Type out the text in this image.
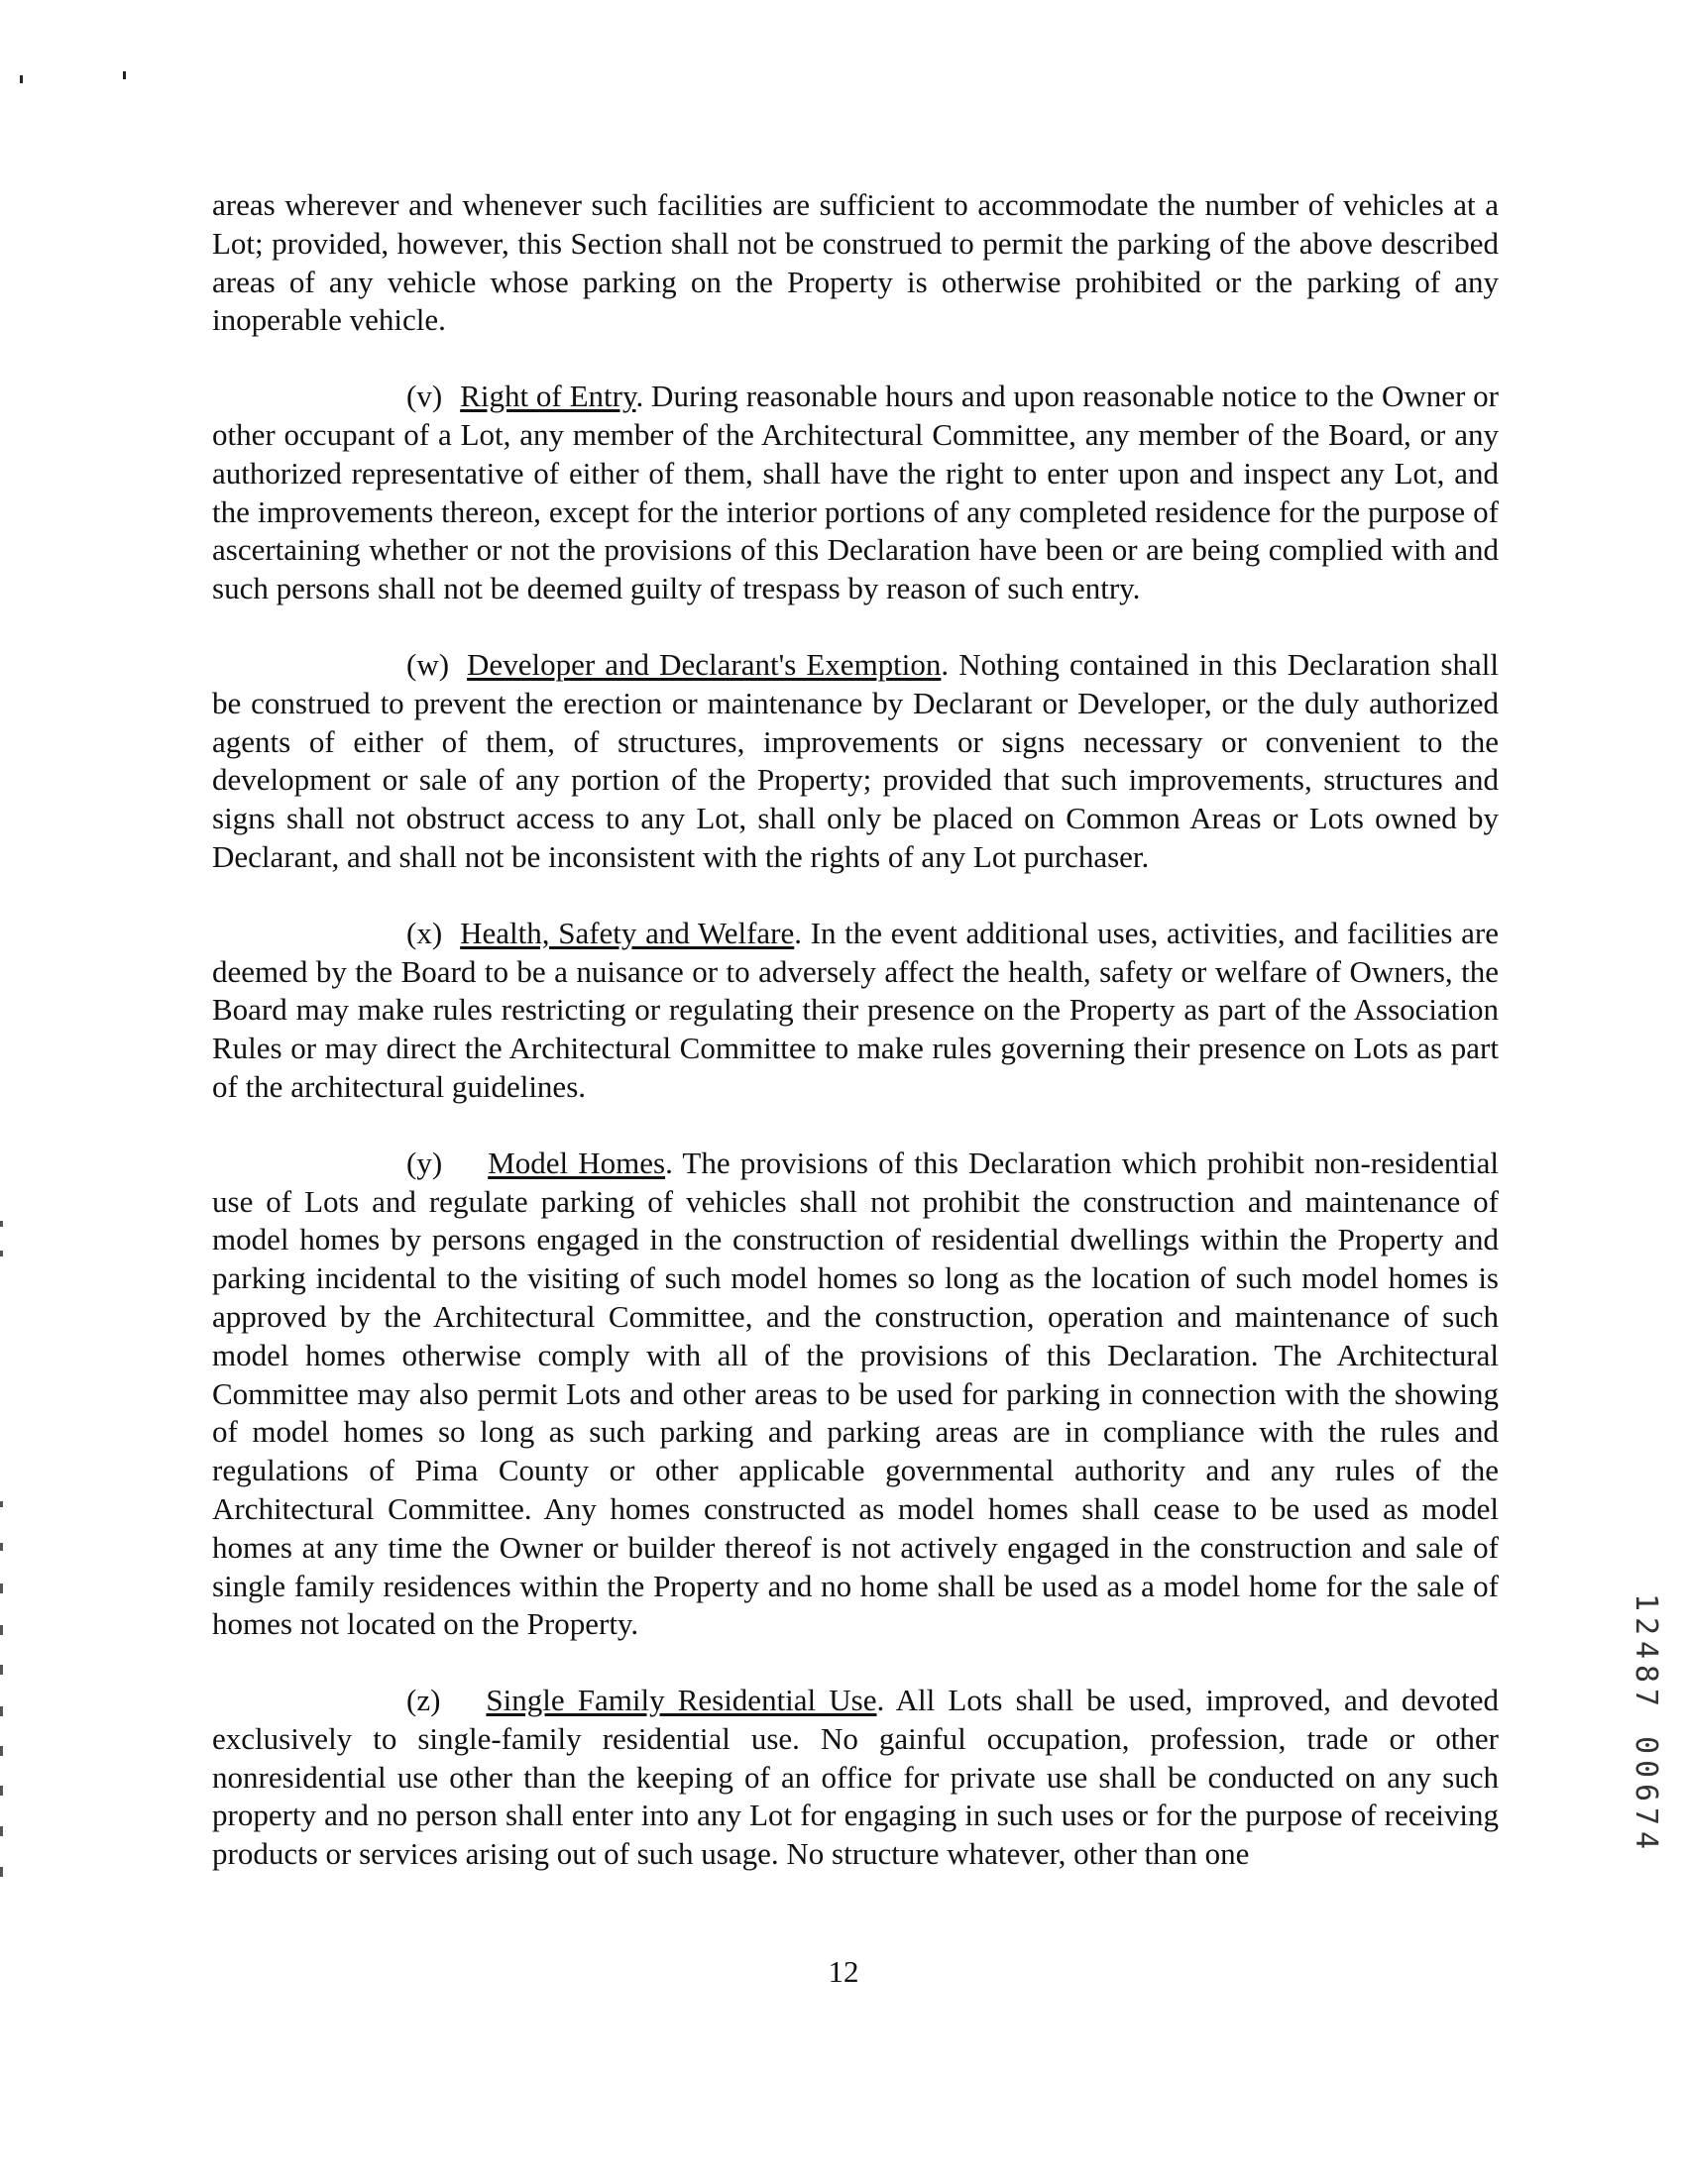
areas wherever and whenever such facilities are sufficient to accommodate the number of vehicles at a Lot; provided, however, this Section shall not be construed to permit the parking of the above described areas of any vehicle whose parking on the Property is otherwise prohibited or the parking of any inoperable vehicle.

(v) Right of Entry. During reasonable hours and upon reasonable notice to the Owner or other occupant of a Lot, any member of the Architectural Committee, any member of the Board, or any authorized representative of either of them, shall have the right to enter upon and inspect any Lot, and the improvements thereon, except for the interior portions of any completed residence for the purpose of ascertaining whether or not the provisions of this Declaration have been or are being complied with and such persons shall not be deemed guilty of trespass by reason of such entry.

(w) Developer and Declarant's Exemption. Nothing contained in this Declaration shall be construed to prevent the erection or maintenance by Declarant or Developer, or the duly authorized agents of either of them, of structures, improvements or signs necessary or convenient to the development or sale of any portion of the Property; provided that such improvements, structures and signs shall not obstruct access to any Lot, shall only be placed on Common Areas or Lots owned by Declarant, and shall not be inconsistent with the rights of any Lot purchaser.

(x) Health, Safety and Welfare. In the event additional uses, activities, and facilities are deemed by the Board to be a nuisance or to adversely affect the health, safety or welfare of Owners, the Board may make rules restricting or regulating their presence on the Property as part of the Association Rules or may direct the Architectural Committee to make rules governing their presence on Lots as part of the architectural guidelines.

(y) Model Homes. The provisions of this Declaration which prohibit non-residential use of Lots and regulate parking of vehicles shall not prohibit the construction and maintenance of model homes by persons engaged in the construction of residential dwellings within the Property and parking incidental to the visiting of such model homes so long as the location of such model homes is approved by the Architectural Committee, and the construction, operation and maintenance of such model homes otherwise comply with all of the provisions of this Declaration. The Architectural Committee may also permit Lots and other areas to be used for parking in connection with the showing of model homes so long as such parking and parking areas are in compliance with the rules and regulations of Pima County or other applicable governmental authority and any rules of the Architectural Committee. Any homes constructed as model homes shall cease to be used as model homes at any time the Owner or builder thereof is not actively engaged in the construction and sale of single family residences within the Property and no home shall be used as a model home for the sale of homes not located on the Property.

(z) Single Family Residential Use. All Lots shall be used, improved, and devoted exclusively to single-family residential use. No gainful occupation, profession, trade or other nonresidential use other than the keeping of an office for private use shall be conducted on any such property and no person shall enter into any Lot for engaging in such uses or for the purpose of receiving products or services arising out of such usage. No structure whatever, other than one

12
1
2
4
8
7
0
0
6
7
4
